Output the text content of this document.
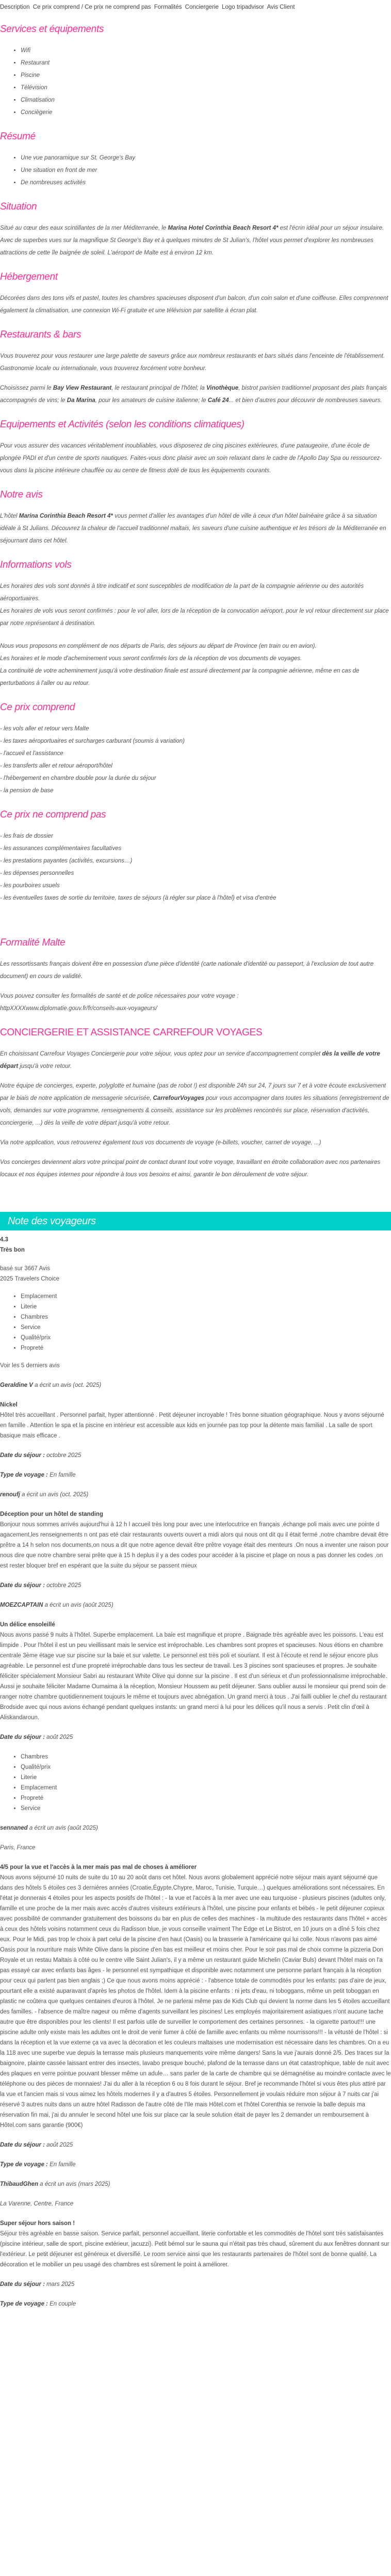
Description Ce prix comprend / Ce prix ne comprend pas Formalités Conciergerie Logo tripadvisor Avis Client
Services et équipements
• Wifi
• Restaurant
• Piscine
• Télévision
• Climatisation
• Conciègerie
Résumé
• Une vue panoramique sur St. George's Bay
• Une situation en front de mer
• De nombreuses activités
Situation

Situé au cœur des eaux scintillantes de la mer Méditerranée, le Marina Hotel Corinthia Beach Resort 4* est l'écrin idéal pour un séjour insulaire. Avec de superbes vues sur la magnifique St George's Bay et à quelques minutes de St Julian's, l'hôtel vous permet d'explorer les nombreuses attractions de cette île baignée de soleil. L'aéroport de Malte est à environ 12 km.

Hébergement

Décorées dans des tons vifs et pastel, toutes les chambres spacieuses disposent d'un balcon, d'un coin salon et d'une coiffeuse. Elles comprennent également la climatisation, une connexion Wi-Fi gratuite et une télévision par satellite à écran plat.

Restaurants & bars

Vous trouverez pour vous restaurer une large palette de saveurs grâce aux nombreux restaurants et bars situés dans l'enceinte de l'établissement. Gastronomie locale ou internationale, vous trouverez forcément votre bonheur.

Choisissez parmi le Bay View Restaurant, le restaurant principal de l'hôtel; la Vinothèque, bistrot parisien traditionnel proposant des plats français accompagnés de vins; le Da Marina, pour les amateurs de cuisine italienne; le Café 24... et bien d'autres pour découvrir de nombreuses saveurs.

Equipements et Activités (selon les conditions climatiques)

Pour vous assurer des vacances véritablement inoubliables, vous disposerez de cinq piscines extérieures, d'une pataugeoire, d'une école de plongée PADI et d'un centre de sports nautiques. Faites-vous donc plaisir avec un soin relaxant dans le cadre de l'Apollo Day Spa ou ressourcez-vous dans la piscine intérieure chauffée ou au centre de fitness doté de tous les équipements courants.

Notre avis

L'hôtel Marina Corinthia Beach Resort 4* vous permet d'allier les avantages d'un hôtel de ville à ceux d'un hôtel balnéaire grâce à sa situation idéale à St Julians. Découvrez la chaleur de l'accueil traditionnel maltais, les saveurs d'une cuisine authentique et les trésors de la Méditerranée en séjournant dans cet hôtel.

Informations vols

Les horaires des vols sont donnés à titre indicatif et sont susceptibles de modification de la part de la compagnie aérienne ou des autorités aéroportuaires.
Les horaires de vols vous seront confirmés : pour le vol aller, lors de la réception de la convocation aéroport, pour le vol retour directement sur place par notre représentant à destination.

Nous vous proposons en complément de nos départs de Paris, des séjours au départ de Province (en train ou en avion).
Les horaires et le mode d'acheminement vous seront confirmés lors de la réception de vos documents de voyages.
La continuité de votre acheminement jusqu'à votre destination finale est assuré directement par la compagnie aérienne, même en cas de perturbations à l'aller ou au retour.

Ce prix comprend
- les vols aller et retour vers Malte
- les taxes aéroportuaires et surcharges carburant (soumis à variation)
- l'accueil et l'assistance
- les transferts aller et retour aéroport/hôtel
- l'hébergement en chambre double pour la durée du séjour
- la pension de base
Ce prix ne comprend pas
- les frais de dossier
- les assurances complémentaires facultatives
- les prestations payantes (activités, excursions…)
- les dépenses personnelles
- les pourboires usuels
- les éventuelles taxes de sortie du territoire, taxes de séjours (à régler sur place à l'hôtel) et visa d'entrée
Formalité Malte

Les ressortissants français doivent être en possession d'une pièce d'identité (carte nationale d'identité ou passeport, à l'exclusion de tout autre document) en cours de validité.

Vous pouvez consulter les formalités de santé et de police nécessaires pour votre voyage :
httpXXXXwww.diplomatie.gouv.fr/fr/conseils-aux-voyageurs/

CONCIERGERIE ET ASSISTANCE CARREFOUR VOYAGES

En choisissant Carrefour Voyages Conciergerie pour votre séjour, vous optez pour un service d'accompagnement complet dès la veille de votre départ jusqu'à votre retour.

Notre équipe de concierges, experte, polyglotte et humaine (pas de robot !) est disponible 24h sur 24, 7 jours sur 7 et à votre écoute exclusivement par le biais de notre application de messagerie sécurisée, CarrefourVoyages pour vous accompagner dans toutes les situations (enregistrement de vols, demandes sur votre programme, renseignements & conseils, assistance sur les problèmes rencontrés sur place, réservation d'activités, conciergerie, ...) dès la veille de votre départ jusqu'à votre retour.

Via notre application, vous retrouverez également tous vos documents de voyage (e-billets, voucher, carnet de voyage, ...)

Vos concierges deviennent alors votre principal point de contact durant tout votre voyage, travaillant en étroite collaboration avec nos partenaires locaux et nos équipes internes pour répondre à tous vos besoins et ainsi, garantir le bon déroulement de votre séjour.

Note des voyageurs
4.3
Très bon
basé sur 3667 Avis
2025 Travelers Choice
• Emplacement
• Literie
• Chambres
• Service
• Qualité/prix
• Propreté
Voir les 5 derniers avis
Geraldine V a écrit un avis (oct. 2025)
Nickel
Hôtel très accueillant . Personnel parfait, hyper attentionné . Petit déjeuner incroyable ! Très bonne situation géographique. Nous y avons séjourné en famille . Attention le spa et la piscine en intérieur est accessible aux kids en journée pas top pour la détente mais familial . La salle de sport basique mais efficace .
Date du séjour : octobre 2025
Type de voyage : En famille
renoufj a écrit un avis (oct. 2025)
Déception pour un hôtel de standing
Bonjour nous sommes arrivés aujourd'hui à 12 h l accueil très long pour avec une interlocutrice en français ,échange poli mais avec une pointe d agacement,les renseignements n ont pas eté clair restaurants ouverts ouvert a midi alors qui nous ont dit qu il était fermé ,notre chambre devait être prêtre a 14 h selon nos documents,on nous a dit que notre agence devait être prêtre voyage était des menteurs .On nous a inventer une raison pour nous dire que notre chambre serai prête que à 15 h deplus il y a des codes pour accéder à la piscine et plage on nous a pas donner les codes ,on est rester bloquer bref en espérant que la suite du séjour se passent mieux
Date du séjour : octobre 2025
MOEZCAPTAIN a écrit un avis (août 2025)
Un délice ensoleillé
Nous avons passé 9 nuits à l'hôtel. Superbe emplacement. La baie est magnifique et propre . Baignade très agréable avec les poissons. L'eau est limpide . Pour l'hôtel il est un peu vieillissant mais le service est irréprochable. Les chambres sont propres et spacieuses. Nous étions en chambre centrale 3ème étage vue sur piscine sur la baie et sur valette. Le personnel est très poli et souriant. Il est à l'écoute et rend le séjour encore plus agréable. Le personnel est d'une propreté irréprochable dans tous les secteur de travail. Les 3 piscines sont spacieuses et propres. Je souhaite féliciter spécialement Monsieur Sabri au restaurant White Olive qui donne sur la piscine . Il est d'un sérieux et d'un professionnalisme irréprochable. Aussi je souhaite féliciter Madame Oumaima à la réception, Monsieur Houssem au petit déjeuner. Sans oublier aussi le monsieur qui prend soin de ranger notre chambre quotidiennement toujours le même et toujours avec abnégation. Un grand merci à tous . J'ai failli oublier le chef du restaurant Brodside avec qui nous avions échangé pendant quelques instants: un grand merci à lui pour les délices qu'il nous a servis . Petit clin d'œil à Aliskandaroun.
Date du séjour : août 2025
• Chambres
• Qualité/prix
• Literie
• Emplacement
• Propreté
• Service
sennaned a écrit un avis (août 2025)
Paris, France
4/5 pour la vue et l'accès à la mer mais pas mal de choses à améliorer
Nous avons séjourné 10 nuits de suite du 10 au 20 août dans cet hôtel. Nous avons globalement apprécié notre séjour mais ayant séjourné que dans des hôtels 5 étoiles ces 3 dernières années (Croatie,Égypte,Chypre, Maroc, Tunisie, Turquie…) quelques améliorations sont nécessaires. En l'état je donnerais 4 étoiles pour les aspects positifs de l'hôtel : - la vue et l'accès à la mer avec une eau turquoise - plusieurs piscines (adultes only, famille et une proche de la mer mais avec accès d'autres visiteurs extérieurs à l'hôtel, une piscine pour enfants et bébés - le petit déjeuner copieux avec possibilité de commander gratuitement des boissons du bar en plus de celles des machines - la multitude des restaurants dans l'hôtel + accès à ceux des hôtels voisins notamment ceux du Radisson blue, je vous conseille vraiment The Edge et Le Bistrot, en 10 jours on a dîné 5 fois chez eux. Pour le Midi, pas trop le choix à part celui de la piscine d'en haut (Oasis) ou la brasserie à l'américaine qui lui colle. Nous n'avons pas aimé Oasis pour la nourriture mais White Olive dans la piscine d'en bas est meilleur et moins cher. Pour le soir pas mal de choix comme la pizzeria Don Royale et un restau Maltais à côté ou le centre ville Saint Julian's, il y a même un restaurant guide Michelin (Caviar Buls) devant l'hôtel mais on l'a pas essayé car avec enfants bas âges - le personnel est sympathique et disponible avec notamment une personne parlant français à la réception pour ceux qui parlent pas bien anglais ;) Ce que nous avons moins apprécié : - l'absence totale de commodités pour les enfants: pas d'aire de jeux, pourtant elle a existé auparavant d'après les photos de l'hôtel. Idem à la piscine enfants : ni jets d'eau, ni toboggans, même un petit toboggan en plastic ne coûtera que quelques centaines d'euros à l'hôtel. Je ne parlerai même pas de Kids Club qui devient la norme dans les 5 étoiles accueillant des familles. - l'absence de maître nageur ou même d'agents surveillant les piscines! Les employés majoritairement asiatiques n'ont aucune tache autre que être disponibles pour les clients! Il est parfois utile de surveiller le comportement des certaines personnes. - la cigarette partout!!! une piscine adulte only existe mais les adultes ont le droit de venir fumer à côté de famille avec enfants ou même nourrissons!!! - la vétusté de l'hôtel : si dans la réception et la vue externe ça va avec la décoration et les couleurs maltaises une modernisation est nécessaire dans les chambres. On a eu la 118 avec une superbe vue depuis la terrasse mais plusieurs manquements voire même dangers! Sans la vue j'aurais donné 2/5. Des traces sur la baignoire, plainte cassée laissant entrer des insectes, lavabo presque bouché, plafond de la terrasse dans un état catastrophique, table de nuit avec des plaques en verre pointue pouvant blesser même un adule… sans parler de la carte de chambre qui se démagnétise au moindre contacte avec le téléphone ou des pièces de monnaies! J'ai du aller à la réception 6 ou 8 fois durant le séjour. Bref je recommande l'hôtel si vous êtes plus attiré par la vue et l'ancien mais si vous aimez les hôtels modernes il y a d'autres 5 étoiles. Personnellement je voulais réduire mon séjour à 7 nuits car j'ai réservé 3 autres nuits dans un autre hôtel Radisson de l'autre côté de l'Ile mais Hôtel.com et l'hôtel Corenthia se renvoie la balle depuis ma réservation fin mai, j'ai du annuler le second hôtel une fois sur place car la seule solution était de payer les 2 demander un remboursement à Hôtel.com sans garantie (900€)
Date du séjour : août 2025
Type de voyage : En famille
ThibaudGhen a écrit un avis (mars 2025)
La Varenne, Centre, France
Super séjour hors saison !
Séjour très agréable en basse saison. Service parfait, personnel accueillant, literie confortable et les commodités de l'hôtel sont très satisfaisantes (piscine intérieur, salle de sport, piscine extérieur, jacuzzi). Petit bémol sur le sauna qui n'était pas très chaud, sûrement du aux fenêtres donnant sur l'extérieur. Le petit déjeuner est généreux et diversifié. Le room service ainsi que les restaurants partenaires de l'hôtel sont de bonne qualité. La décoration et le mobilier un peu usagé des chambres est sûrement le point à améliorer.
Date du séjour : mars 2025
Type de voyage : En couple
